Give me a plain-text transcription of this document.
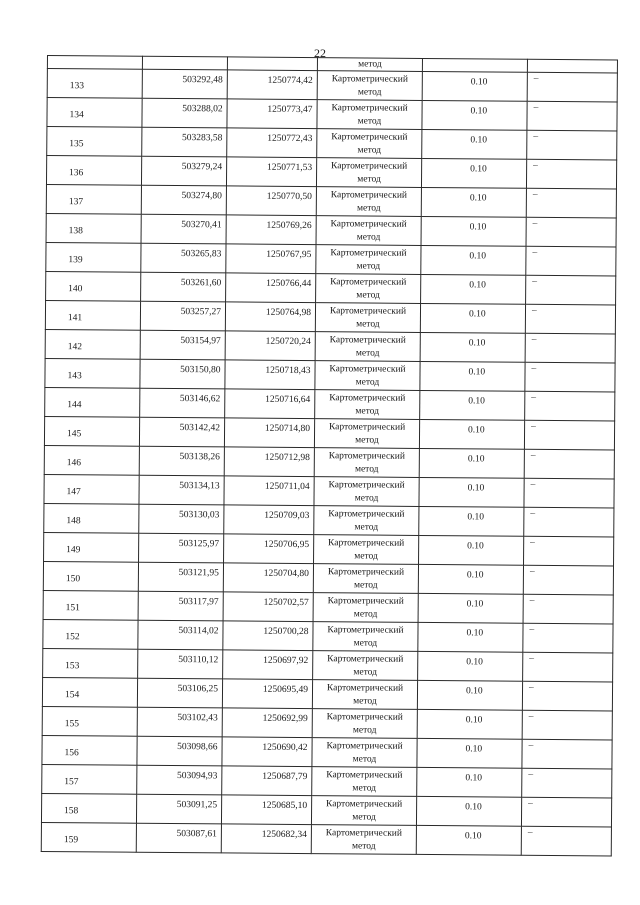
22

			метод		

133	503292,48	1250774,42	Картометрический
метод	0.10	–

134	503288,02	1250773,47	Картометрический
метод	0.10	–

135	503283,58	1250772,43	Картометрический
метод	0.10	–

136	503279,24	1250771,53	Картометрический
метод	0.10	–

137	503274,80	1250770,50	Картометрический
метод	0.10	–

138	503270,41	1250769,26	Картометрический
метод	0.10	–

139	503265,83	1250767,95	Картометрический
метод	0.10	–

140	503261,60	1250766,44	Картометрический
метод	0.10	–

141	503257,27	1250764,98	Картометрический
метод	0.10	–

142	503154,97	1250720,24	Картометрический
метод	0.10	–

143	503150,80	1250718,43	Картометрический
метод	0.10	–

144	503146,62	1250716,64	Картометрический
метод	0.10	–

145	503142,42	1250714,80	Картометрический
метод	0.10	–

146	503138,26	1250712,98	Картометрический
метод	0.10	–

147	503134,13	1250711,04	Картометрический
метод	0.10	–

148	503130,03	1250709,03	Картометрический
метод	0.10	–

149	503125,97	1250706,95	Картометрический
метод	0.10	–

150	503121,95	1250704,80	Картометрический
метод	0.10	–

151	503117,97	1250702,57	Картометрический
метод	0.10	–

152	503114,02	1250700,28	Картометрический
метод	0.10	–

153	503110,12	1250697,92	Картометрический
метод	0.10	–

154	503106,25	1250695,49	Картометрический
метод	0.10	–

155	503102,43	1250692,99	Картометрический
метод	0.10	–

156	503098,66	1250690,42	Картометрический
метод	0.10	–

157	503094,93	1250687,79	Картометрический
метод	0.10	–

158	503091,25	1250685,10	Картометрический
метод	0.10	–

159	503087,61	1250682,34	Картометрический
метод	0.10	–
